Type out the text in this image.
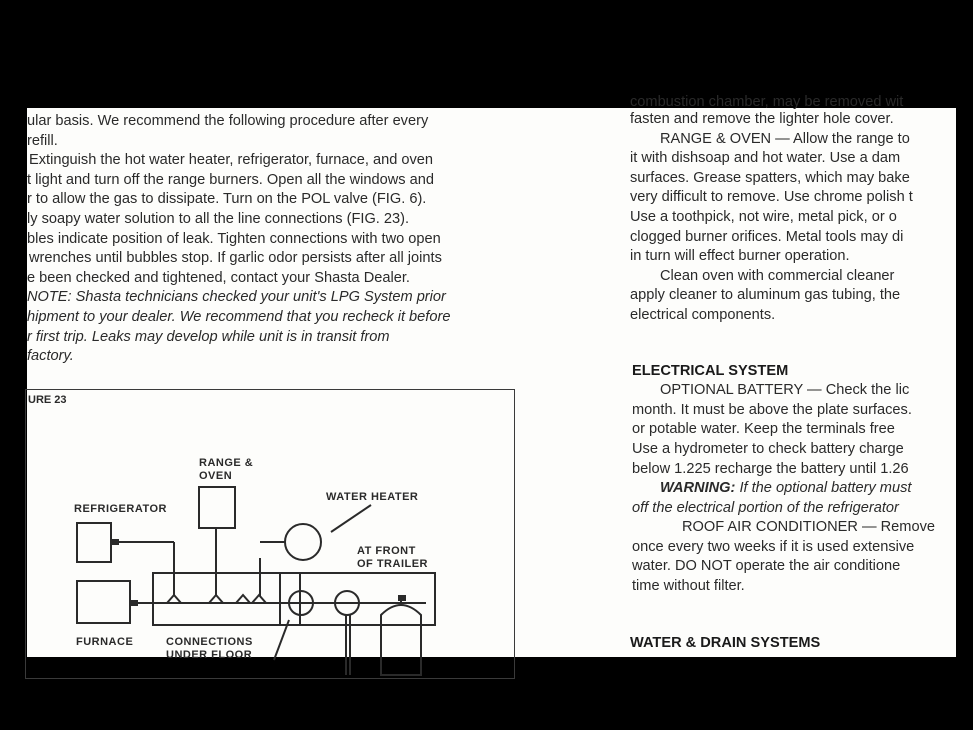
ular basis. We recommend the following procedure after every
refill.
Extinguish the hot water heater, refrigerator, furnace, and oven
t light and turn off the range burners. Open all the windows and
r to allow the gas to dissipate. Turn on the POL valve (FIG. 6).
ly soapy water solution to all the line connections (FIG. 23).
bles indicate position of leak. Tighten connections with two open
wrenches until bubbles stop. If garlic odor persists after all joints
e been checked and tightened, contact your Shasta Dealer.
NOTE: Shasta technicians checked your unit's LPG System prior
hipment to your dealer. We recommend that you recheck it before
r first trip. Leaks may develop while unit is in transit from
factory.
URE 23
RANGE &
OVEN
REFRIGERATOR
WATER HEATER
AT FRONT
OF TRAILER
FURNACE	CONNECTIONS
UNDER FLOOR
combustion chamber, may be removed wit
fasten and remove the lighter hole cover.
RANGE & OVEN — Allow the range to
it with dishsoap and hot water. Use a dam
surfaces. Grease spatters, which may bake
very difficult to remove. Use chrome polish t
Use a toothpick, not wire, metal pick, or o
clogged burner orifices. Metal tools may di
in turn will effect burner operation.
Clean oven with commercial cleaner
apply cleaner to aluminum gas tubing, the
electrical components.
ELECTRICAL SYSTEM
OPTIONAL BATTERY — Check the lic
month. It must be above the plate surfaces.
or potable water. Keep the terminals free
Use a hydrometer to check battery charge
below 1.225 recharge the battery until 1.26
WARNING: If the optional battery must
off the electrical portion of the refrigerator
ROOF AIR CONDITIONER — Remove
once every two weeks if it is used extensive
water. DO NOT operate the air conditione
time without filter.
WATER & DRAIN SYSTEMS
